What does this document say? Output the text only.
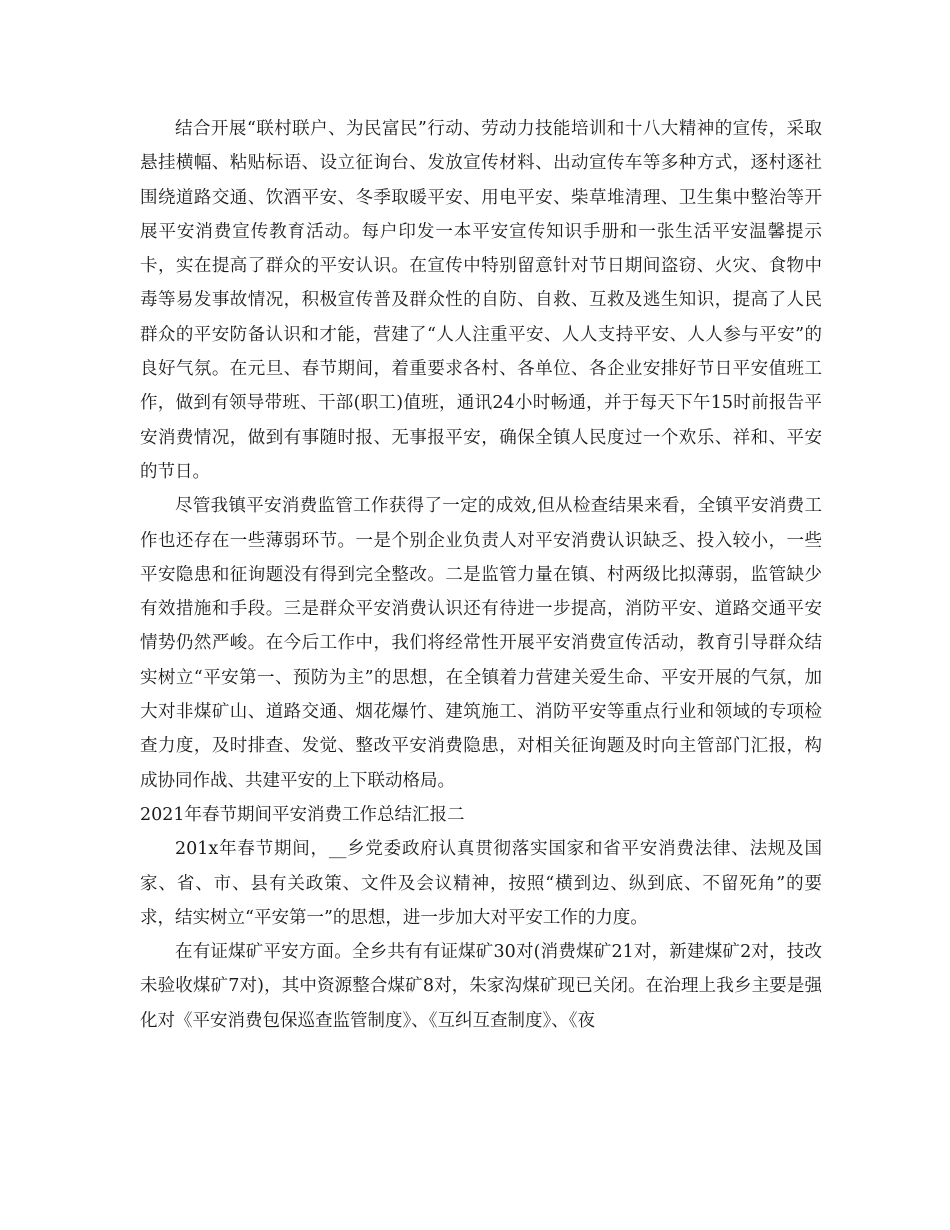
结合开展“联村联户、为民富民”行动、劳动力技能培训和十八大精神的宣传，采取悬挂横幅、粘贴标语、设立征询台、发放宣传材料、出动宣传车等多种方式，逐村逐社围绕道路交通、饮酒平安、冬季取暖平安、用电平安、柴草堆清理、卫生集中整治等开展平安消费宣传教育活动。每户印发一本平安宣传知识手册和一张生活平安温馨提示卡，实在提高了群众的平安认识。在宣传中特别留意针对节日期间盗窃、火灾、食物中毒等易发事故情况，积极宣传普及群众性的自防、自救、互救及逃生知识，提高了人民群众的平安防备认识和才能，营建了“人人注重平安、人人支持平安、人人参与平安”的良好气氛。在元旦、春节期间，着重要求各村、各单位、各企业安排好节日平安值班工作，做到有领导带班、干部(职工)值班，通讯24小时畅通，并于每天下午15时前报告平安消费情况，做到有事随时报、无事报平安，确保全镇人民度过一个欢乐、祥和、平安的节日。

尽管我镇平安消费监管工作获得了一定的成效,但从检查结果来看，全镇平安消费工作也还存在一些薄弱环节。一是个别企业负责人对平安消费认识缺乏、投入较小，一些平安隐患和征询题没有得到完全整改。二是监管力量在镇、村两级比拟薄弱，监管缺少有效措施和手段。三是群众平安消费认识还有待进一步提高，消防平安、道路交通平安情势仍然严峻。在今后工作中，我们将经常性开展平安消费宣传活动，教育引导群众结实树立“平安第一、预防为主”的思想，在全镇着力营建关爱生命、平安开展的气氛，加大对非煤矿山、道路交通、烟花爆竹、建筑施工、消防平安等重点行业和领域的专项检查力度，及时排查、发觉、整改平安消费隐患，对相关征询题及时向主管部门汇报，构成协同作战、共建平安的上下联动格局。

2021年春节期间平安消费工作总结汇报二

201x年春节期间，__乡党委政府认真贯彻落实国家和省平安消费法律、法规及国家、省、市、县有关政策、文件及会议精神，按照“横到边、纵到底、不留死角”的要求，结实树立“平安第一”的思想，进一步加大对平安工作的力度。

在有证煤矿平安方面。全乡共有有证煤矿30对(消费煤矿21对，新建煤矿2对，技改未验收煤矿7对)，其中资源整合煤矿8对，朱家沟煤矿现已关闭。在治理上我乡主要是强化对《平安消费包保巡查监管制度》、《互纠互查制度》、《夜
